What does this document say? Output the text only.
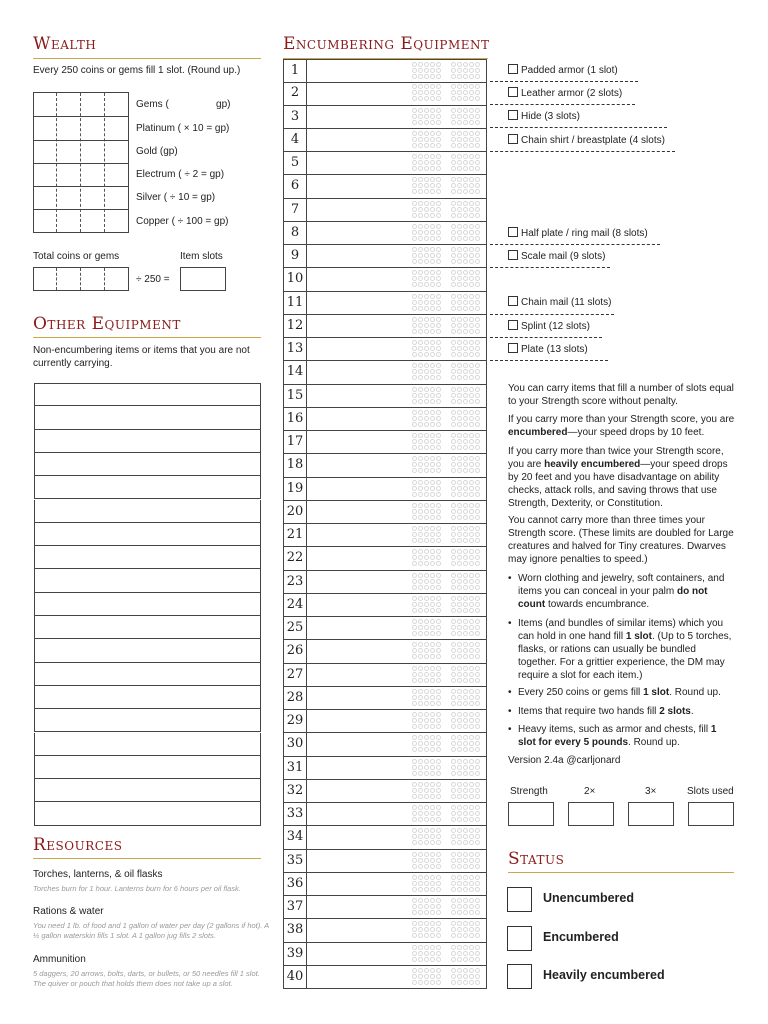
Wealth
Every 250 coins or gems fill 1 slot. (Round up.)
Gems (                 gp)
Platinum ( × 10 = gp)
Gold (gp)
Electrum ( ÷ 2 = gp)
Silver ( ÷ 10 = gp)
Copper ( ÷ 100 = gp)
Total coins or gems	Item slots
÷ 250 =
Other Equipment
Non-encumbering items or items that you are not currently carrying.
Resources
Torches, lanterns, & oil flasks
Torches burn for 1 hour. Lanterns burn for 6 hours per oil flask.
Rations & water
You need 1 lb. of food and 1 gallon of water per day (2 gallons if hot). A ½ gallon waterskin fills 1 slot. A 1 gallon jug fills 2 slots.
Ammunition
5 daggers, 20 arrows, bolts, darts, or bullets, or 50 needles fill 1 slot. The quiver or pouch that holds them does not take up a slot.
Encumbering Equipment
1
2
3
4
5
6
7
8
9
10
11
12
13
14
15
16
17
18
19
20
21
22
23
24
25
26
27
28
29
30
31
32
33
34
35
36
37
38
39
40
Padded armor (1 slot)
Leather armor (2 slots)
Hide (3 slots)
Chain shirt / breastplate (4 slots)
Half plate / ring mail (8 slots)
Scale mail (9 slots)
Chain mail (11 slots)
Splint (12 slots)
Plate (13 slots)
You can carry items that fill a number of slots equal to your Strength score without penalty.
If you carry more than your Strength score, you are encumbered—your speed drops by 10 feet.
If you carry more than twice your Strength score, you are heavily encumbered—your speed drops by 20 feet and you have disadvantage on ability checks, attack rolls, and saving throws that use Strength, Dexterity, or Constitution.
You cannot carry more than three times your Strength score. (These limits are doubled for Large creatures and halved for Tiny creatures. Dwarves may ignore penalties to speed.)
• Worn clothing and jewelry, soft containers, and items you can conceal in your palm do not count towards encumbrance.
• Items (and bundles of similar items) which you can hold in one hand fill 1 slot. (Up to 5 torches, flasks, or rations can usually be bundled together. For a grittier experience, the DM may require a slot for each item.)
• Every 250 coins or gems fill 1 slot. Round up.
• Items that require two hands fill 2 slots.
• Heavy items, such as armor and chests, fill 1 slot for every 5 pounds. Round up.
Version 2.4a @carljonard
Strength	2×	3×	Slots used
Status
Unencumbered
Encumbered
Heavily encumbered
